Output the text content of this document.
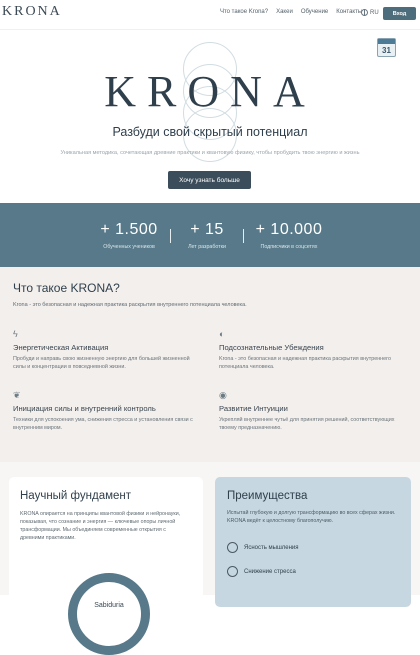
KRONA	Что такое Krona? Хакеи Обучение Контакты RU	Вход
31
KRONA
Разбуди свой скрытый потенциал
Уникальная методика, сочетающая древние практики и квантовую физику, чтобы пробудить твою энергию и жизнь
Хочу узнать больше
+ 1.500
Обученных учеников
+ 15
Лет разработки
+ 10.000
Подписчики в соцсетях
Что такое KRONA?
Krona - это безопасная и надежная практика раскрытия внутреннего потенциала человека.
ϟ
Энергетическая Активация
Пробуди и направь свою жизненную энергию для большей жизненной силы и концентрации в повседневной жизни.
◐
Подсознательные Убеждения
Krona - это безопасная и надежная практика раскрытия внутреннего потенциала человека.
❦
Инициация силы и внутренний контроль
Техники для успокоения ума, снижения стресса и установления связи с внутренним миром.
◉
Развитие Интуиции
Укрепляй внутреннее чутьё для принятия решений, соответствующих твоему предназначению.
Научный фундамент

KRONA опирается на принципы квантовой физики и нейронауки, показывая, что сознание и энергия — ключевые опоры личной трансформации. Мы объединяем современные открытия с древними практиками.

Sabiduria
Преимущества

Испытай глубокую и долгую трансформацию во всех сферах жизни. KRONA ведёт к целостному благополучию.

Ясность мышления
Снижение стресса
